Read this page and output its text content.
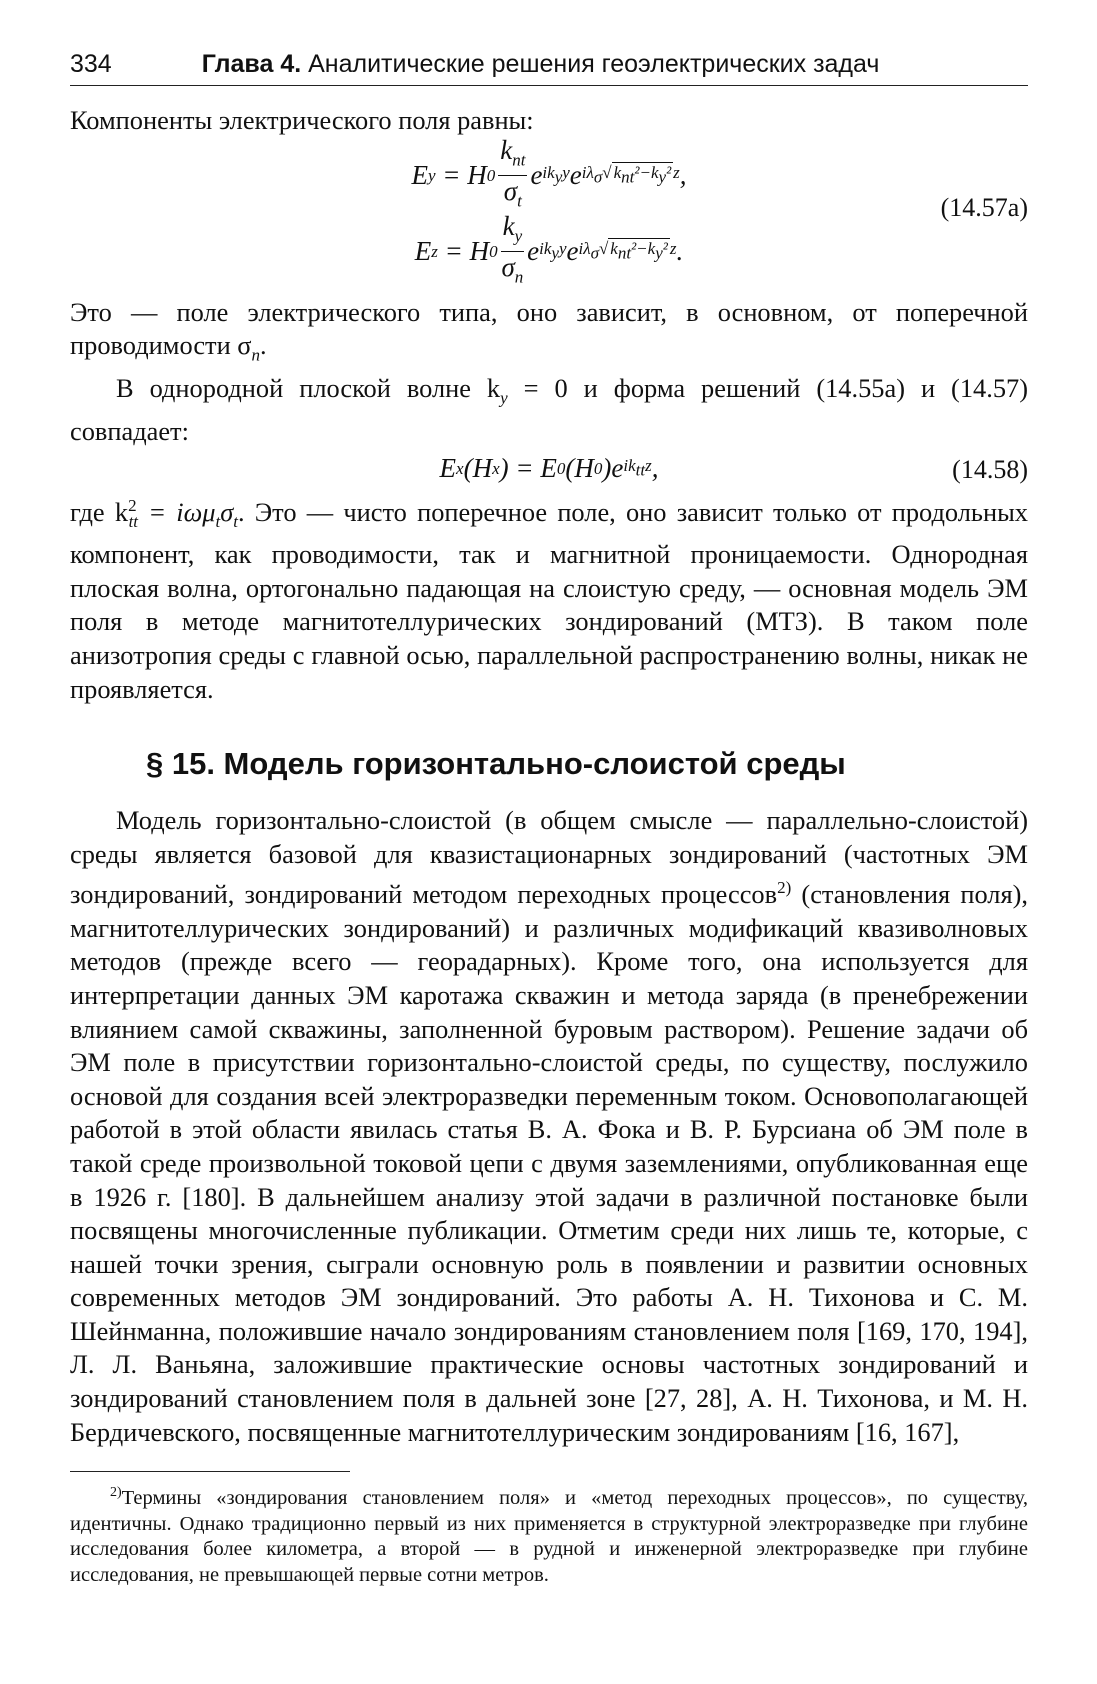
334	Глава 4. Аналитические решения геоэлектрических задач

Компоненты электрического поля равны:

E y = H $0 \frac{k_{nt}}{\sigma_t}$ e $ik_yy$ e $i\lambda_\sigma√$ $k_{nt}^2-k_y^2$ z ,
E z = H $0 \frac{k_y}{\sigma_n}$ e $ik_yy$ e $i\lambda_\sigma√$ $k_{nt}^2-k_y^2$ z .
(14.57a)

Это — поле электрического типа, оно зависит, в основном, от поперечной проводимости $\sigma_n$.

В однородной плоской волне $k_y = 0$ и форма решений (14.55а) и (14.57) совпадает:

E x (H x ) = E 0 (H 0 )e $ik_{tt}z$ ,	(14.58)

где $k^2_{tt} = i\omega\mu_t\sigma_t$. Это — чисто поперечное поле, оно зависит только от продольных компонент, как проводимости, так и магнитной проницаемости. Однородная плоская волна, ортогонально падающая на слоистую среду, — основная модель ЭМ поля в методе магнитотеллурических зондирований (МТЗ). В таком поле анизотропия среды с главной осью, параллельной распространению волны, никак не проявляется.

§ 15. Модель горизонтально-слоистой среды

Модель горизонтально-слоистой (в общем смысле — параллельно-слоистой) среды является базовой для квазистационарных зондирований (частотных ЭМ зондирований, зондирований методом переходных процессов$^{2)}$ (становления поля), магнитотеллурических зондирований) и различных модификаций квазиволновых методов (прежде всего — георадарных). Кроме того, она используется для интерпретации данных ЭМ каротажа скважин и метода заряда (в пренебрежении влиянием самой скважины, заполненной буровым раствором). Решение задачи об ЭМ поле в присутствии горизонтально-слоистой среды, по существу, послужило основой для создания всей электроразведки переменным током. Основополагающей работой в этой области явилась статья В. А. Фока и В. Р. Бурсиана об ЭМ поле в такой среде произвольной токовой цепи с двумя заземлениями, опубликованная еще в 1926 г. [180]. В дальнейшем анализу этой задачи в различной постановке были посвящены многочисленные публикации. Отметим среди них лишь те, которые, с нашей точки зрения, сыграли основную роль в появлении и развитии основных современных методов ЭМ зондирований. Это работы А. Н. Тихонова и С. М. Шейнманна, положившие начало зондированиям становлением поля [169, 170, 194], Л. Л. Ваньяна, заложившие практические основы частотных зондирований и зондирований становлением поля в дальней зоне [27, 28], А. Н. Тихонова, и М. Н. Бердичевского, посвященные магнитотеллурическим зондированиям [16, 167],

$^{2)}$Термины «зондирования становлением поля» и «метод переходных процессов», по существу, идентичны. Однако традиционно первый из них применяется в структурной электроразведке при глубине исследования более километра, а второй — в рудной и инженерной электроразведке при глубине исследования, не превышающей первые сотни метров.
